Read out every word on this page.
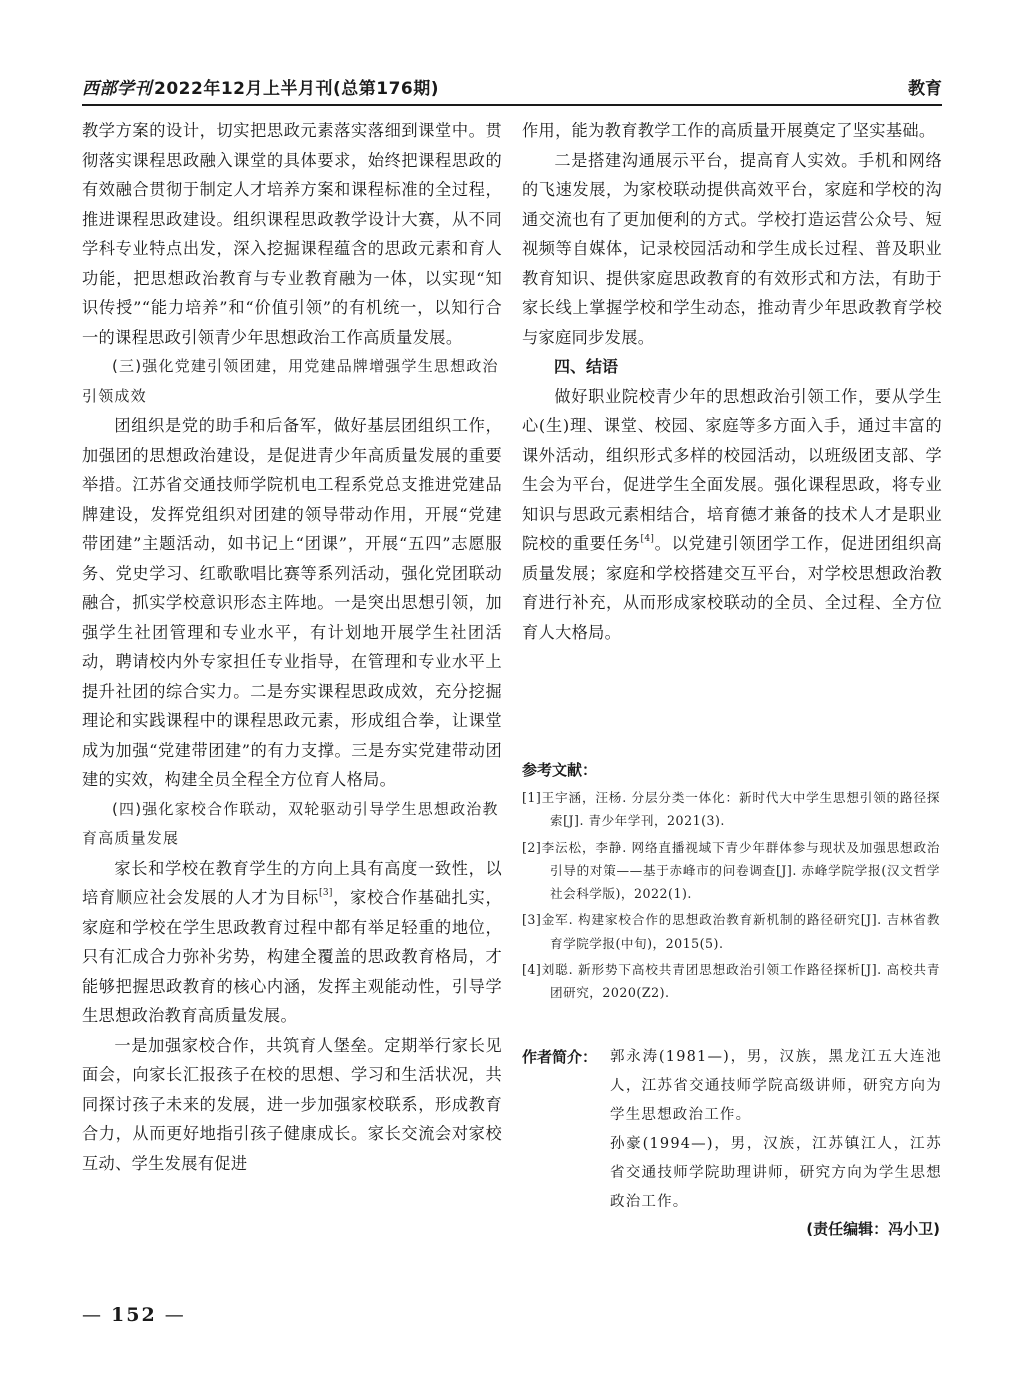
西部学刊 2022年12月上半月刊(总第176期)	教育

教学方案的设计，切实把思政元素落实落细到课堂中。贯彻落实课程思政融入课堂的具体要求，始终把课程思政的有效融合贯彻于制定人才培养方案和课程标准的全过程，推进课程思政建设。组织课程思政教学设计大赛，从不同学科专业特点出发，深入挖掘课程蕴含的思政元素和育人功能，把思想政治教育与专业教育融为一体，以实现“知识传授”“能力培养”和“价值引领”的有机统一，以知行合一的课程思政引领青少年思想政治工作高质量发展。

(三)强化党建引领团建，用党建品牌增强学生思想政治引领成效

团组织是党的助手和后备军，做好基层团组织工作，加强团的思想政治建设，是促进青少年高质量发展的重要举措。江苏省交通技师学院机电工程系党总支推进党建品牌建设，发挥党组织对团建的领导带动作用，开展“党建带团建”主题活动，如书记上“团课”，开展“五四”志愿服务、党史学习、红歌歌唱比赛等系列活动，强化党团联动融合，抓实学校意识形态主阵地。一是突出思想引领，加强学生社团管理和专业水平，有计划地开展学生社团活动，聘请校内外专家担任专业指导，在管理和专业水平上提升社团的综合实力。二是夯实课程思政成效，充分挖掘理论和实践课程中的课程思政元素，形成组合拳，让课堂成为加强“党建带团建”的有力支撑。三是夯实党建带动团建的实效，构建全员全程全方位育人格局。

(四)强化家校合作联动，双轮驱动引导学生思想政治教育高质量发展

家长和学校在教育学生的方向上具有高度一致性，以培育顺应社会发展的人才为目标[3]，家校合作基础扎实，家庭和学校在学生思政教育过程中都有举足轻重的地位，只有汇成合力弥补劣势，构建全覆盖的思政教育格局，才能够把握思政教育的核心内涵，发挥主观能动性，引导学生思想政治教育高质量发展。

一是加强家校合作，共筑育人堡垒。定期举行家长见面会，向家长汇报孩子在校的思想、学习和生活状况，共同探讨孩子未来的发展，进一步加强家校联系，形成教育合力，从而更好地指引孩子健康成长。家长交流会对家校互动、学生发展有促进

作用，能为教育教学工作的高质量开展奠定了坚实基础。

二是搭建沟通展示平台，提高育人实效。手机和网络的飞速发展，为家校联动提供高效平台，家庭和学校的沟通交流也有了更加便利的方式。学校打造运营公众号、短视频等自媒体，记录校园活动和学生成长过程、普及职业教育知识、提供家庭思政教育的有效形式和方法，有助于家长线上掌握学校和学生动态，推动青少年思政教育学校与家庭同步发展。

四、结语

做好职业院校青少年的思想政治引领工作，要从学生心(生)理、课堂、校园、家庭等多方面入手，通过丰富的课外活动，组织形式多样的校园活动，以班级团支部、学生会为平台，促进学生全面发展。强化课程思政，将专业知识与思政元素相结合，培育德才兼备的技术人才是职业院校的重要任务[4]。以党建引领团学工作，促进团组织高质量发展；家庭和学校搭建交互平台，对学校思想政治教育进行补充，从而形成家校联动的全员、全过程、全方位育人大格局。

参考文献：
[1]王宇涵，汪杨. 分层分类一体化：新时代大中学生思想引领的路径探索[J]. 青少年学刊，2021(3).
[2]李沄松，李静. 网络直播视域下青少年群体参与现状及加强思想政治引导的对策——基于赤峰市的问卷调查[J]. 赤峰学院学报(汉文哲学社会科学版)，2022(1).
[3]金军. 构建家校合作的思想政治教育新机制的路径研究[J]. 吉林省教育学院学报(中旬)，2015(5).
[4]刘聪. 新形势下高校共青团思想政治引领工作路径探析[J]. 高校共青团研究，2020(Z2).
作者简介： 郭永涛(1981—)，男，汉族，黑龙江五大连池人，江苏省交通技师学院高级讲师，研究方向为学生思想政治工作。

孙豪(1994—)，男，汉族，江苏镇江人，江苏省交通技师学院助理讲师，研究方向为学生思想政治工作。

(责任编辑：冯小卫)
— 152 —
